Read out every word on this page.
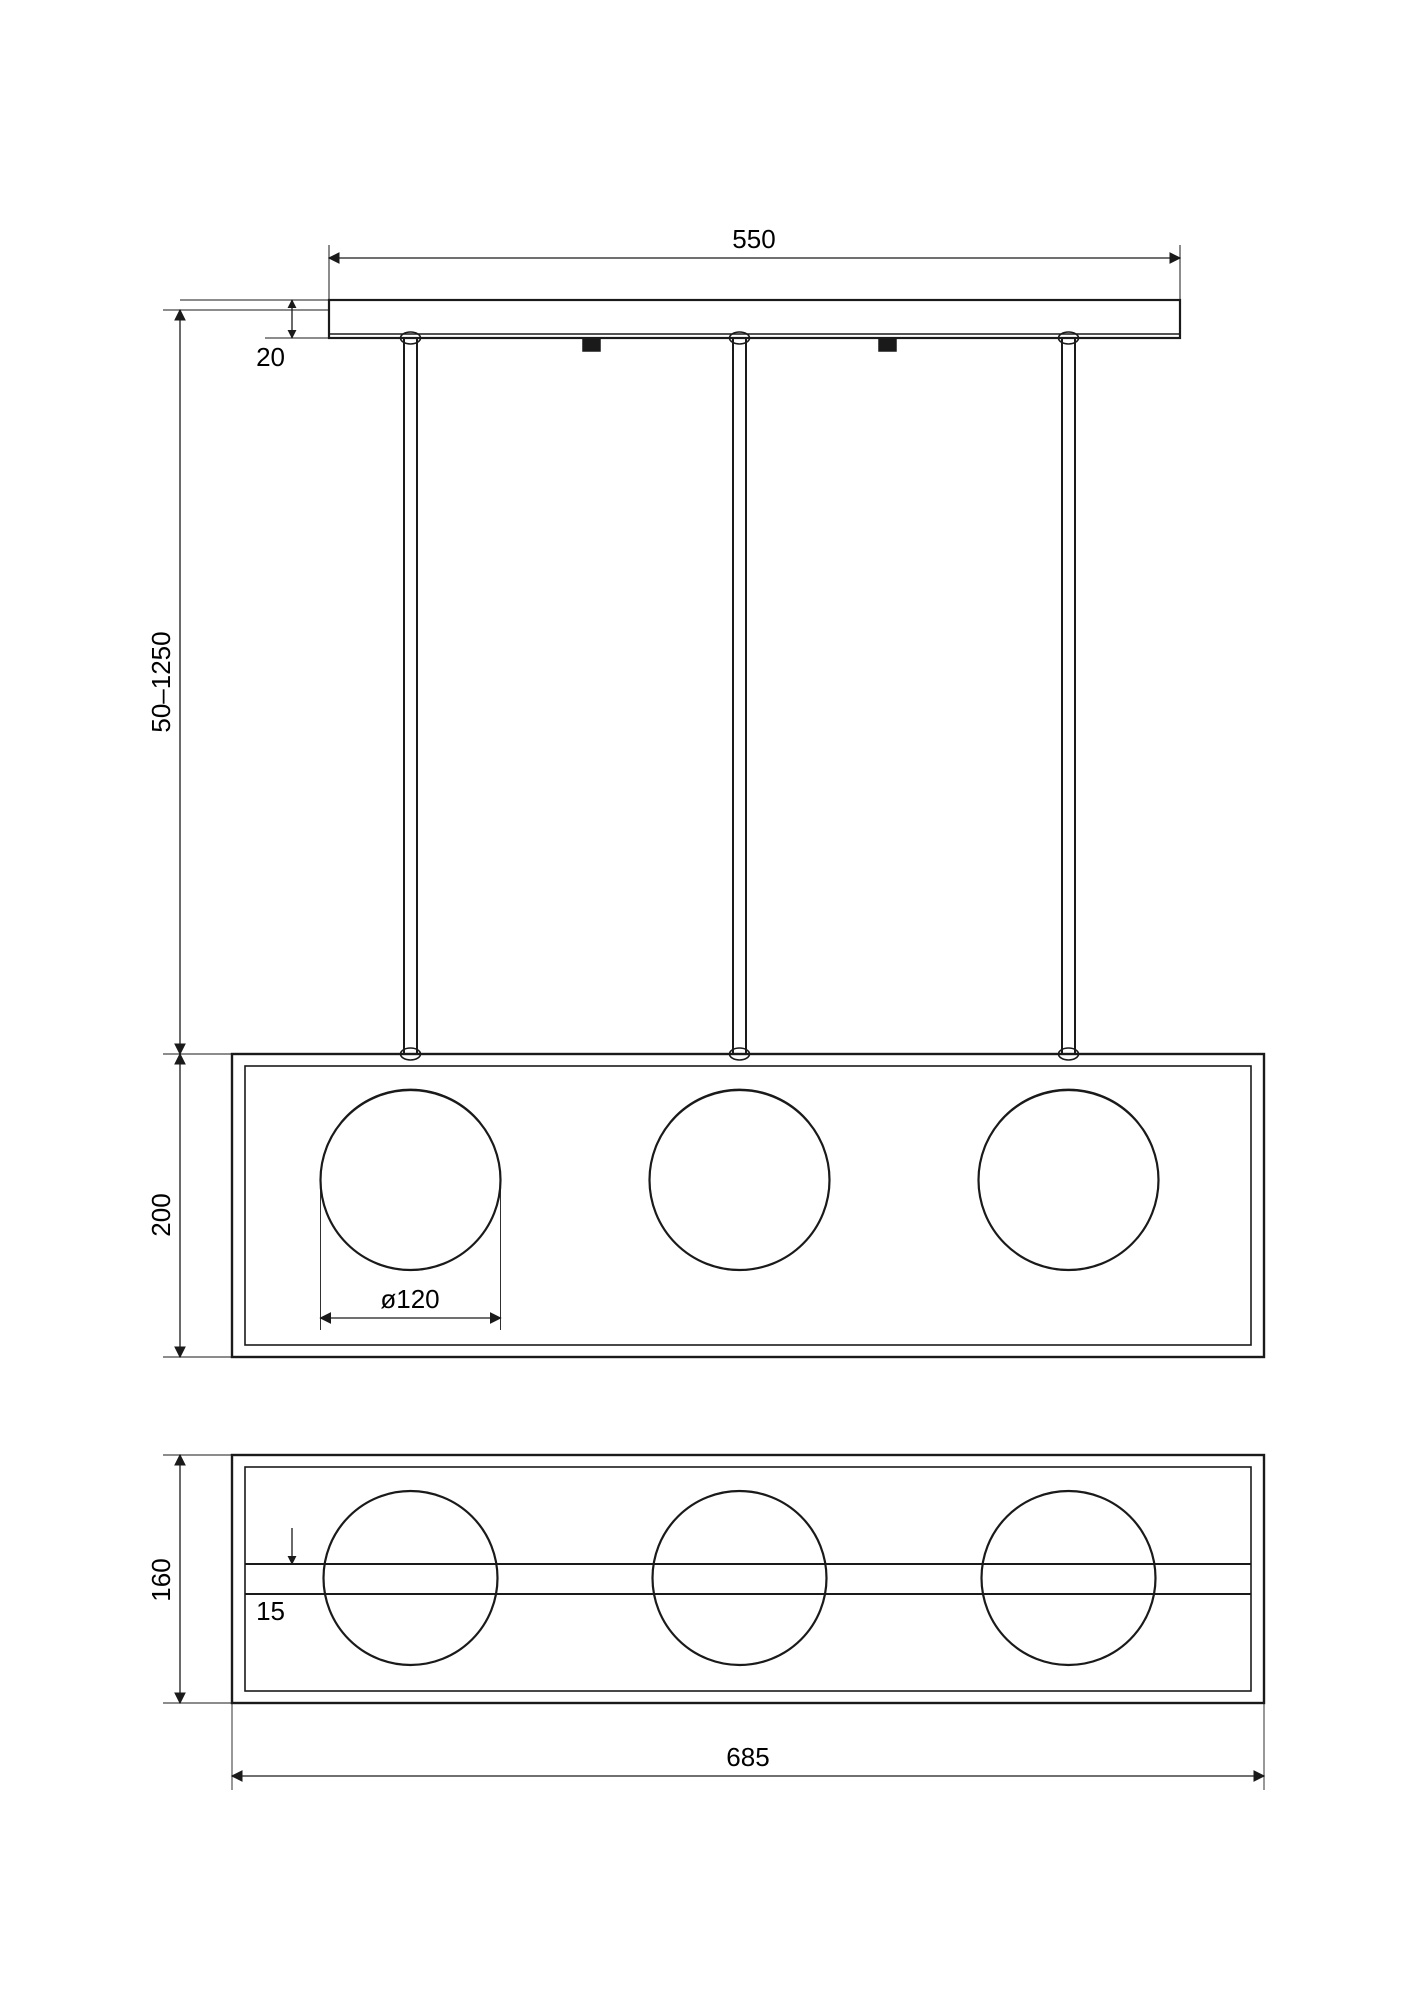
550
20
50–1250
200
ø120
160
15
685
